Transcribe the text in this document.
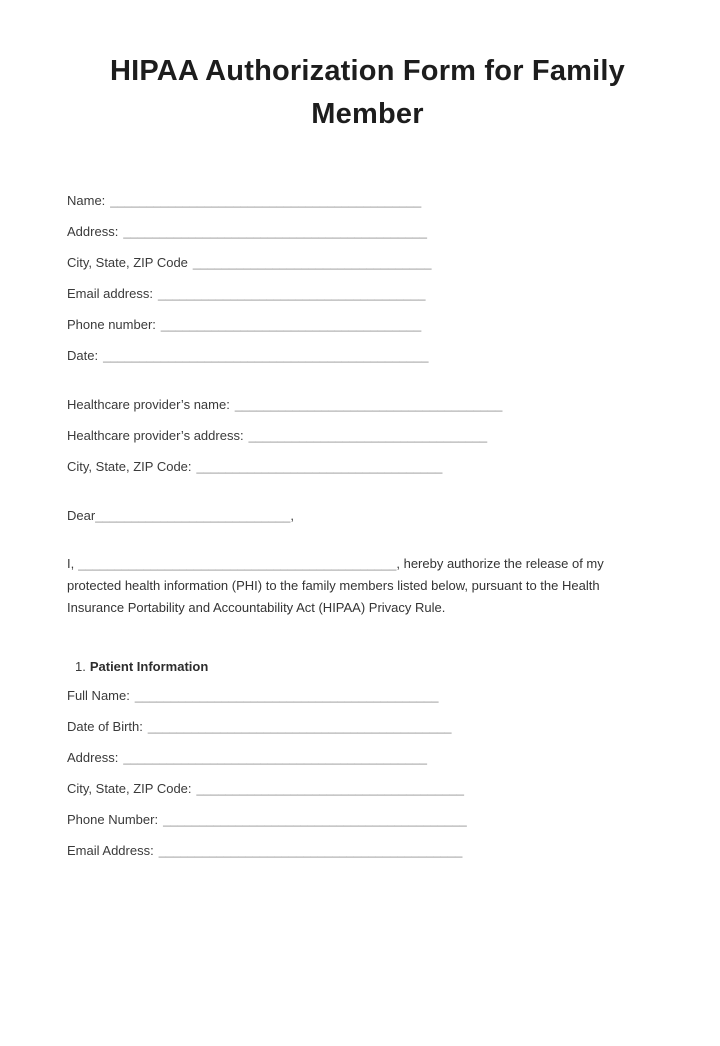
HIPAA Authorization Form for Family
Member
Name: ___________________________________________
Address: __________________________________________
City, State, ZIP Code _________________________________
Email address: _____________________________________
Phone number: ____________________________________
Date: _____________________________________________
Healthcare provider’s name: _____________________________________
Healthcare provider’s address: _________________________________
City, State, ZIP Code: __________________________________
Dear___________________________,

I, ____________________________________________, hereby authorize the release of my protected health information (PHI) to the family members listed below, pursuant to the Health Insurance Portability and Accountability Act (HIPAA) Privacy Rule.

1. Patient Information
Full Name: __________________________________________
Date of Birth: __________________________________________
Address: __________________________________________
City, State, ZIP Code: _____________________________________
Phone Number: __________________________________________
Email Address: __________________________________________
